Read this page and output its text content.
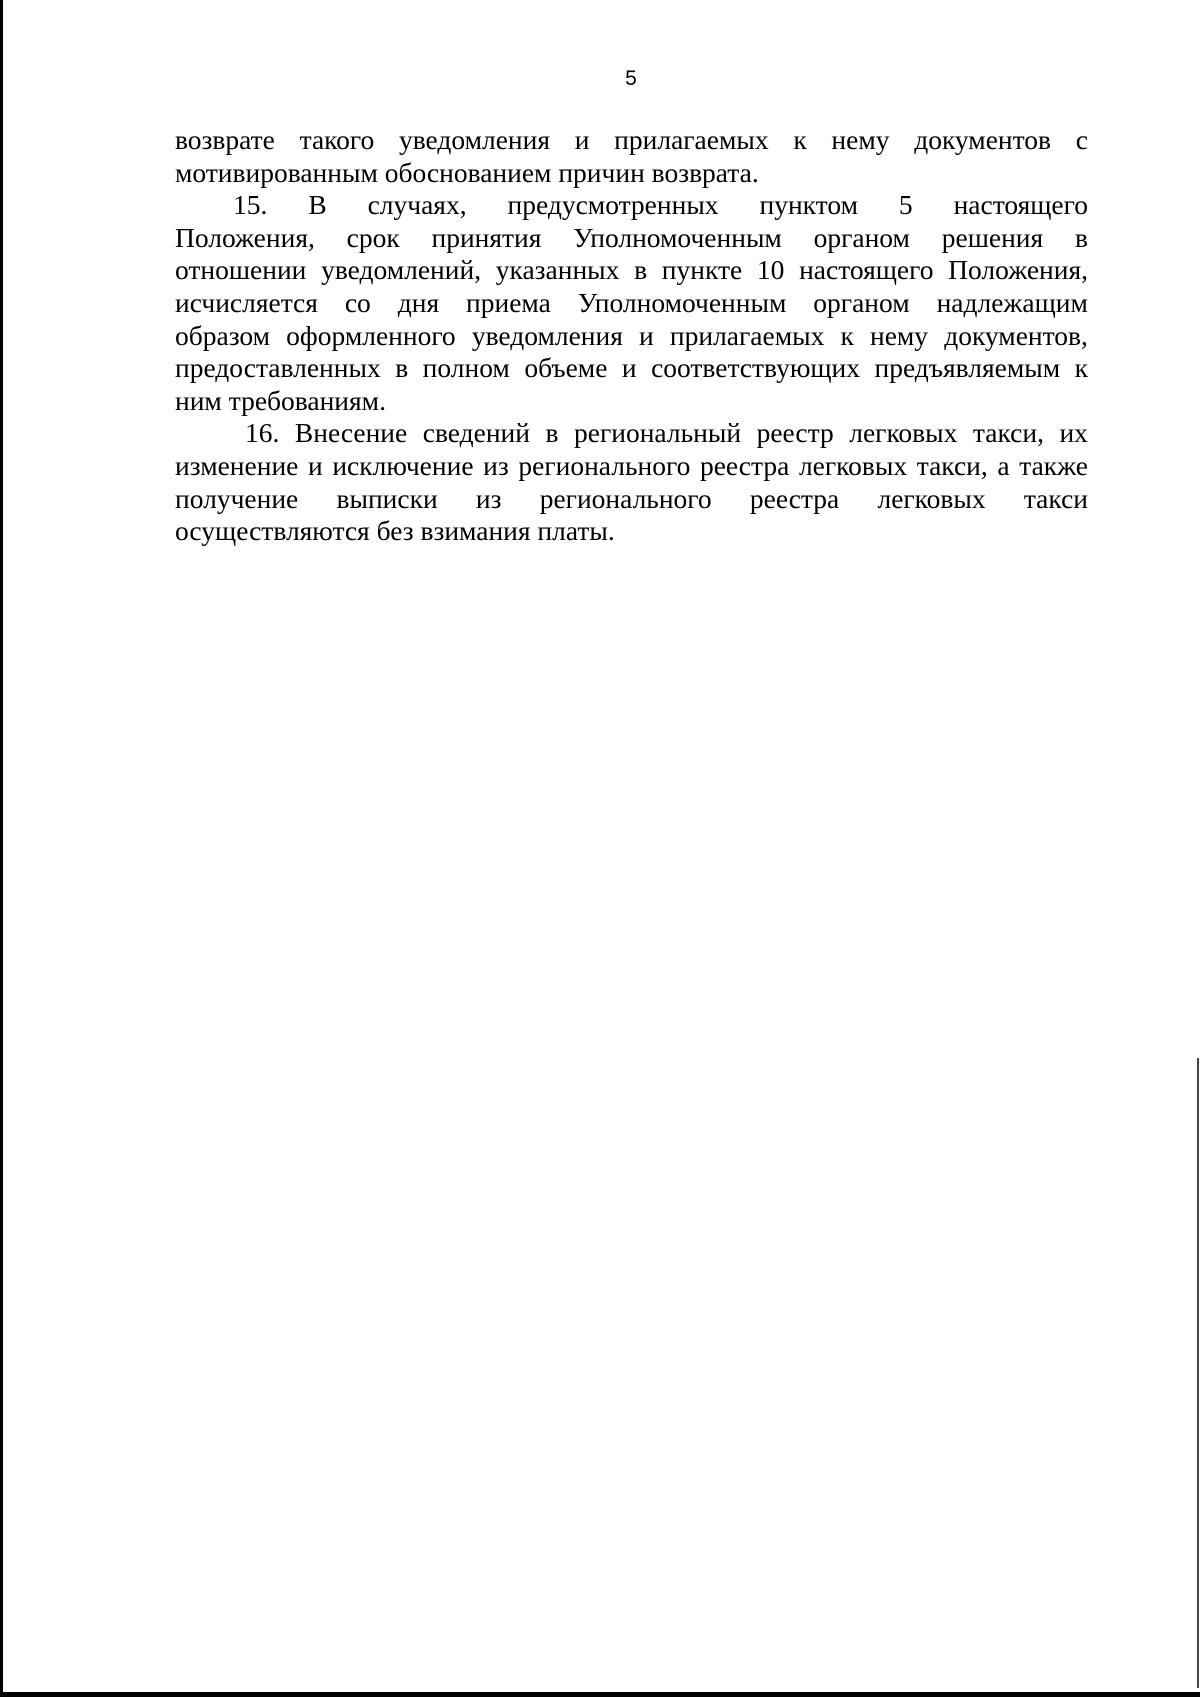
5
возврате такого уведомления и прилагаемых к нему документов с
мотивированным обоснованием причин возврата.
15. В случаях, предусмотренных пунктом 5 настоящего
Положения, срок принятия Уполномоченным органом решения в
отношении уведомлений, указанных в пункте 10 настоящего Положения,
исчисляется со дня приема Уполномоченным органом надлежащим
образом оформленного уведомления и прилагаемых к нему документов,
предоставленных в полном объеме и соответствующих предъявляемым к
ним требованиям.
16. Внесение сведений в региональный реестр легковых такси, их
изменение и исключение из регионального реестра легковых такси, а также
получение выписки из регионального реестра легковых такси
осуществляются без взимания платы.
